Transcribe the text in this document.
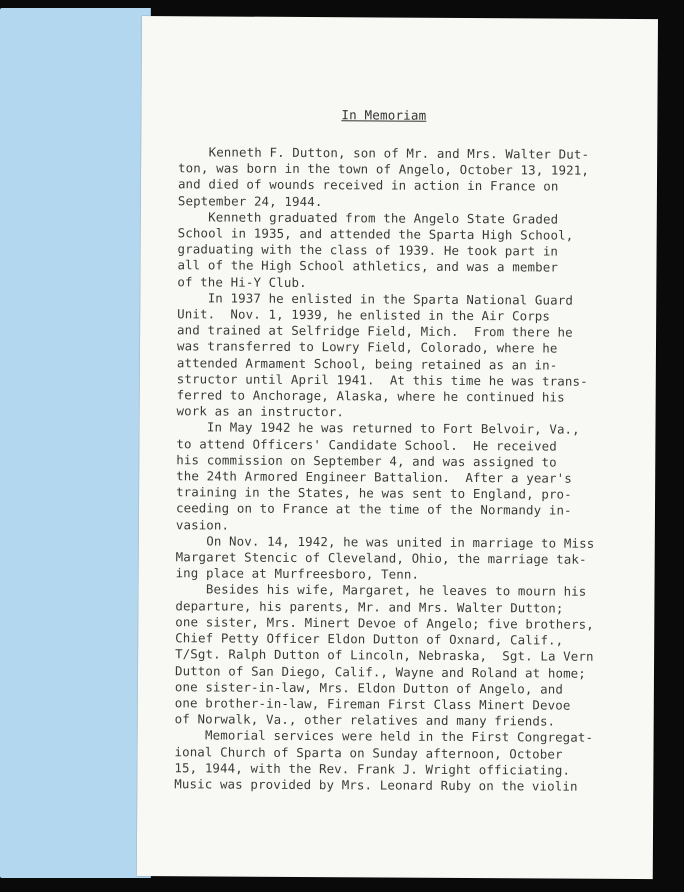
In Memoriam
Kenneth F. Dutton, son of Mr. and Mrs. Walter Dut-
ton, was born in the town of Angelo, October 13, 1921,
and died of wounds received in action in France on
September 24, 1944.
Kenneth graduated from the Angelo State Graded
School in 1935, and attended the Sparta High School,
graduating with the class of 1939. He took part in
all of the High School athletics, and was a member
of the Hi-Y Club.
In 1937 he enlisted in the Sparta National Guard
Unit.  Nov. 1, 1939, he enlisted in the Air Corps
and trained at Selfridge Field, Mich.  From there he
was transferred to Lowry Field, Colorado, where he
attended Armament School, being retained as an in-
structor until April 1941.  At this time he was trans-
ferred to Anchorage, Alaska, where he continued his
work as an instructor.
In May 1942 he was returned to Fort Belvoir, Va.,
to attend Officers' Candidate School.  He received
his commission on September 4, and was assigned to
the 24th Armored Engineer Battalion.  After a year's
training in the States, he was sent to England, pro-
ceeding on to France at the time of the Normandy in-
vasion.
On Nov. 14, 1942, he was united in marriage to Miss
Margaret Stencic of Cleveland, Ohio, the marriage tak-
ing place at Murfreesboro, Tenn.
Besides his wife, Margaret, he leaves to mourn his
departure, his parents, Mr. and Mrs. Walter Dutton;
one sister, Mrs. Minert Devoe of Angelo; five brothers,
Chief Petty Officer Eldon Dutton of Oxnard, Calif.,
T/Sgt. Ralph Dutton of Lincoln, Nebraska,  Sgt. La Vern
Dutton of San Diego, Calif., Wayne and Roland at home;
one sister-in-law, Mrs. Eldon Dutton of Angelo, and
one brother-in-law, Fireman First Class Minert Devoe
of Norwalk, Va., other relatives and many friends.
Memorial services were held in the First Congregat-
ional Church of Sparta on Sunday afternoon, October
15, 1944, with the Rev. Frank J. Wright officiating.
Music was provided by Mrs. Leonard Ruby on the violin
